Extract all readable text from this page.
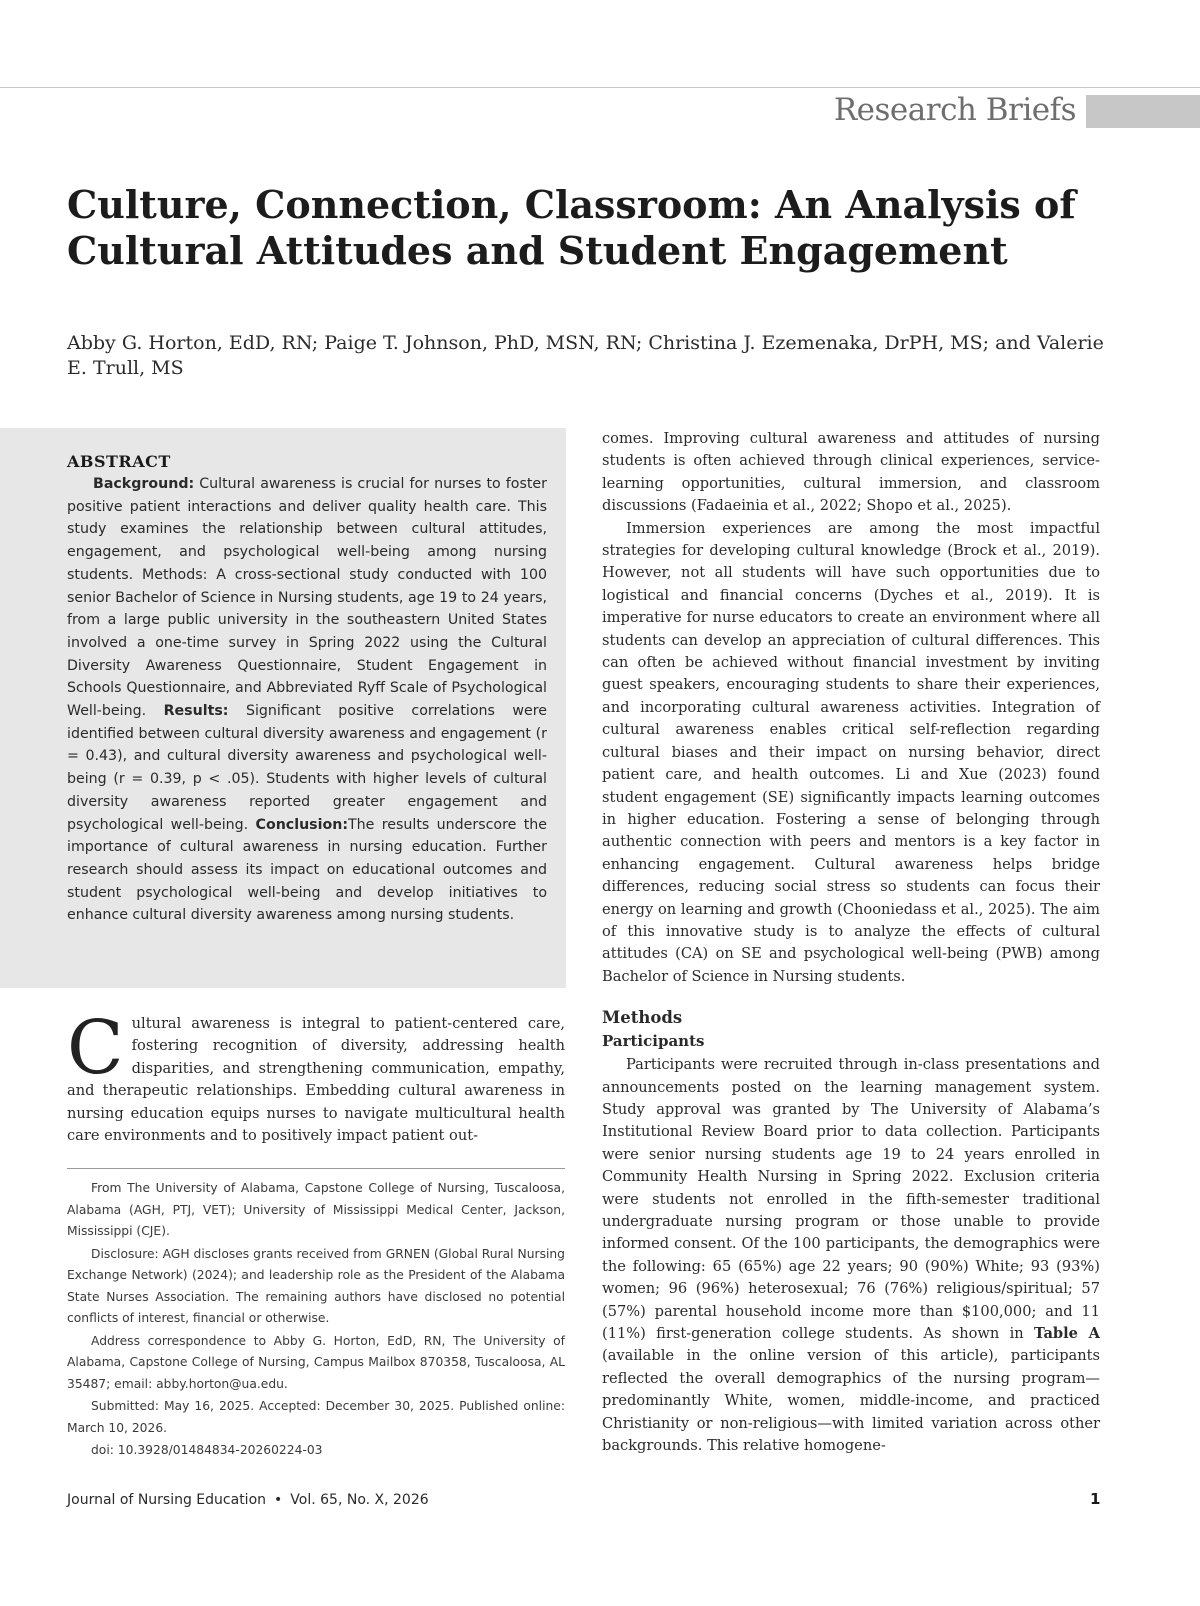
Research Briefs
Culture, Connection, Classroom: An Analysis of Cultural Attitudes and Student Engagement

Abby G. Horton, EdD, RN; Paige T. Johnson, PhD, MSN, RN; Christina J. Ezemenaka, DrPH, MS; and Valerie E. Trull, MS

ABSTRACT

Background: Cultural awareness is crucial for nurses to foster positive patient interactions and deliver quality health care. This study examines the relationship between cultural attitudes, engagement, and psychological well-being among nursing students. Methods: A cross-sectional study conducted with 100 senior Bachelor of Science in Nursing students, age 19 to 24 years, from a large public university in the southeastern United States involved a one-time survey in Spring 2022 using the Cultural Diversity Awareness Questionnaire, Student Engagement in Schools Questionnaire, and Abbreviated Ryff Scale of Psychological Well-being. Results: Significant positive correlations were identified between cultural diversity awareness and engagement (r = 0.43), and cultural diversity awareness and psychological well-being (r = 0.39, p < .05). Students with higher levels of cultural diversity awareness reported greater engagement and psychological well-being. Conclusion:The results underscore the importance of cultural awareness in nursing education. Further research should assess its impact on educational outcomes and student psychological well-being and develop initiatives to enhance cultural diversity awareness among nursing students.

Cultural awareness is integral to patient-centered care, fostering recognition of diversity, addressing health disparities, and strengthening communication, empathy, and therapeutic relationships. Embedding cultural awareness in nursing education equips nurses to navigate multicultural health care environments and to positively impact patient out-

From The University of Alabama, Capstone College of Nursing, Tuscaloosa, Alabama (AGH, PTJ, VET); University of Mississippi Medical Center, Jackson, Mississippi (CJE).

Disclosure: AGH discloses grants received from GRNEN (Global Rural Nursing Exchange Network) (2024); and leadership role as the President of the Alabama State Nurses Association. The remaining authors have disclosed no potential conflicts of interest, financial or otherwise.

Address correspondence to Abby G. Horton, EdD, RN, The University of Alabama, Capstone College of Nursing, Campus Mailbox 870358, Tuscaloosa, AL 35487; email: abby.horton@ua.edu.

Submitted: May 16, 2025. Accepted: December 30, 2025. Published online: March 10, 2026.

doi: 10.3928/01484834-20260224-03

comes. Improving cultural awareness and attitudes of nursing students is often achieved through clinical experiences, service-learning opportunities, cultural immersion, and classroom discussions (Fadaeinia et al., 2022; Shopo et al., 2025).

Immersion experiences are among the most impactful strategies for developing cultural knowledge (Brock et al., 2019). However, not all students will have such opportunities due to logistical and financial concerns (Dyches et al., 2019). It is imperative for nurse educators to create an environment where all students can develop an appreciation of cultural differences. This can often be achieved without financial investment by inviting guest speakers, encouraging students to share their experiences, and incorporating cultural awareness activities. Integration of cultural awareness enables critical self-reflection regarding cultural biases and their impact on nursing behavior, direct patient care, and health outcomes. Li and Xue (2023) found student engagement (SE) significantly impacts learning outcomes in higher education. Fostering a sense of belonging through authentic connection with peers and mentors is a key factor in enhancing engagement. Cultural awareness helps bridge differences, reducing social stress so students can focus their energy on learning and growth (Chooniedass et al., 2025). The aim of this innovative study is to analyze the effects of cultural attitudes (CA) on SE and psychological well-being (PWB) among Bachelor of Science in Nursing students.

Methods
Participants

Participants were recruited through in-class presentations and announcements posted on the learning management system. Study approval was granted by The University of Alabama’s Institutional Review Board prior to data collection. Participants were senior nursing students age 19 to 24 years enrolled in Community Health Nursing in Spring 2022. Exclusion criteria were students not enrolled in the fifth-semester traditional undergraduate nursing program or those unable to provide informed consent. Of the 100 participants, the demographics were the following: 65 (65%) age 22 years; 90 (90%) White; 93 (93%) women; 96 (96%) heterosexual; 76 (76%) religious/spiritual; 57 (57%) parental household income more than $100,000; and 11 (11%) first-generation college students. As shown in Table A (available in the online version of this article), participants reflected the overall demographics of the nursing program—predominantly White, women, middle-income, and practiced Christianity or non-religious—with limited variation across other backgrounds. This relative homogene-

Journal of Nursing Education • Vol. 65, No. X, 2026	1
